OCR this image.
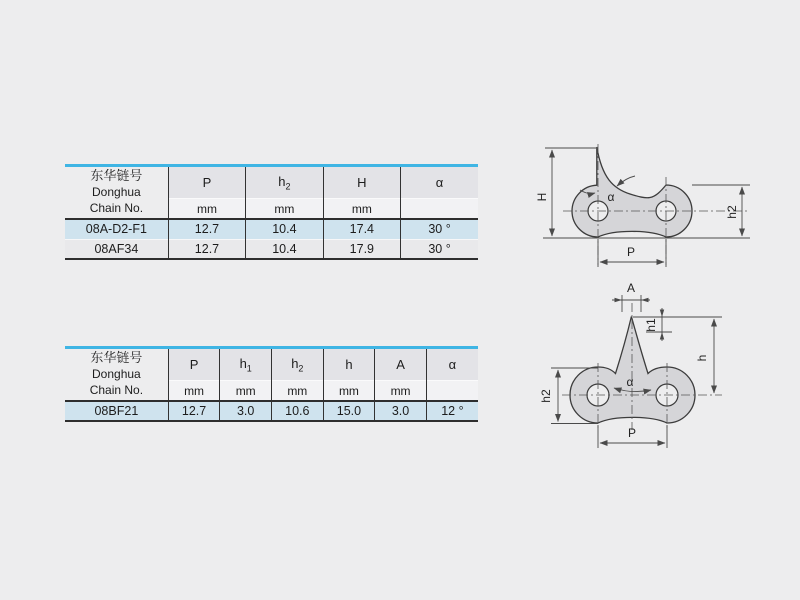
东华链号
Donghua
Chain No.	P	$h_2$	H	α
	mm	mm	mm	
08A-D2-F1	12.7	10.4	17.4	30 °
08AF34	12.7	10.4	17.9	30 °
东华链号
Donghua
Chain No.	P	$h_1$	$h_2$	h	A	α
	mm	mm	mm	mm	mm	
08BF21	12.7	3.0	10.6	15.0	3.0	12 °
H
h2
P
α
A
h1
h
h2
P
α
